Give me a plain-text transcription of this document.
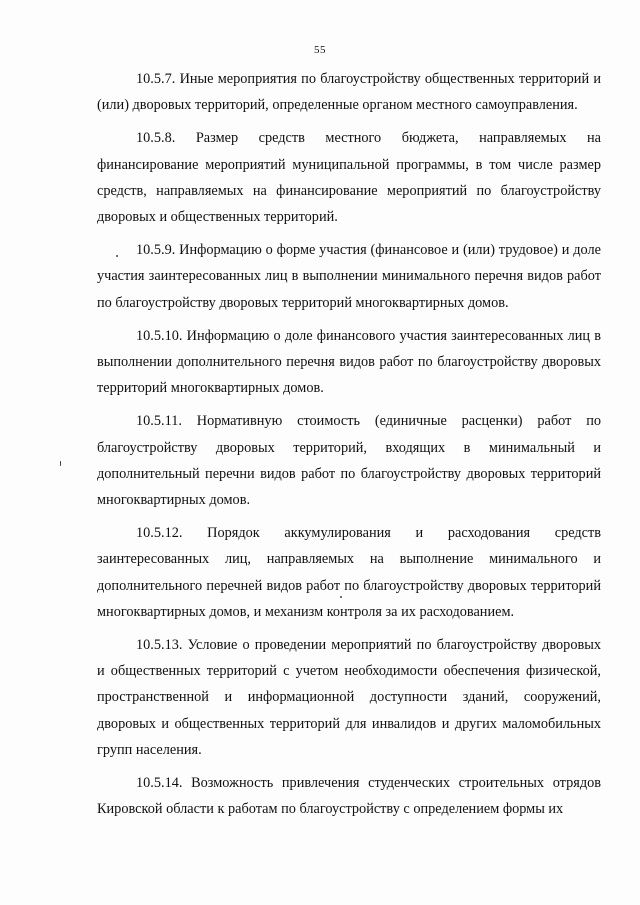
55

10.5.7. Иные мероприятия по благоустройству общественных территорий и (или) дворовых территорий, определенные органом местного самоуправления.

10.5.8. Размер средств местного бюджета, направляемых на финансирование мероприятий муниципальной программы, в том числе размер средств, направляемых на финансирование мероприятий по благоустройству дворовых и общественных территорий.

10.5.9. Информацию о форме участия (финансовое и (или) трудовое) и доле участия заинтересованных лиц в выполнении минимального перечня видов работ по благоустройству дворовых территорий многоквартирных домов.

10.5.10. Информацию о доле финансового участия заинтересованных лиц в выполнении дополнительного перечня видов работ по благоустройству дворовых территорий многоквартирных домов.

10.5.11. Нормативную стоимость (единичные расценки) работ по благоустройству дворовых территорий, входящих в минимальный и дополнительный перечни видов работ по благоустройству дворовых территорий многоквартирных домов.

10.5.12. Порядок аккумулирования и расходования средств заинтересованных лиц, направляемых на выполнение минимального и дополнительного перечней видов работ по благоустройству дворовых территорий многоквартирных домов, и механизм контроля за их расходованием.

10.5.13. Условие о проведении мероприятий по благоустройству дворовых и общественных территорий с учетом необходимости обеспечения физической, пространственной и информационной доступности зданий, сооружений, дворовых и общественных территорий для инвалидов и других маломобильных групп населения.

10.5.14. Возможность привлечения студенческих строительных отрядов Кировской области к работам по благоустройству с определением формы их
